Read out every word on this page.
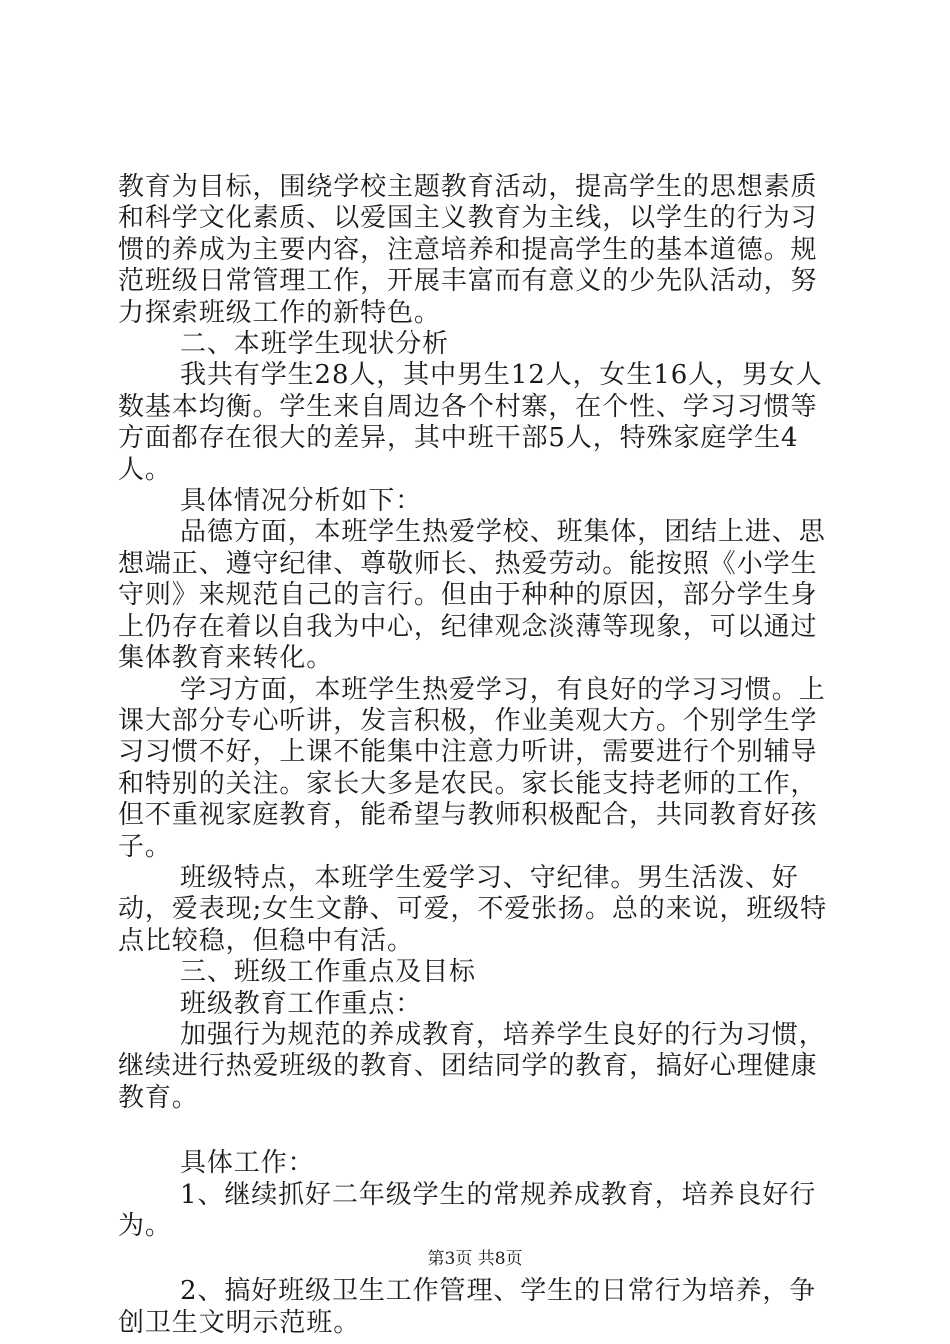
教育为目标，围绕学校主题教育活动，提高学生的思想素质和科学文化素质、以爱国主义教育为主线，以学生的行为习惯的养成为主要内容，注意培养和提高学生的基本道德。规范班级日常管理工作，开展丰富而有意义的少先队活动，努力探索班级工作的新特色。

二、本班学生现状分析

我共有学生28人，其中男生12人，女生16人，男女人数基本均衡。学生来自周边各个村寨，在个性、学习习惯等方面都存在很大的差异，其中班干部5人，特殊家庭学生4人。

具体情况分析如下：

品德方面，本班学生热爱学校、班集体，团结上进、思想端正、遵守纪律、尊敬师长、热爱劳动。能按照《小学生守则》来规范自己的言行。但由于种种的原因，部分学生身上仍存在着以自我为中心，纪律观念淡薄等现象，可以通过集体教育来转化。

学习方面，本班学生热爱学习，有良好的学习习惯。上课大部分专心听讲，发言积极，作业美观大方。个别学生学习习惯不好，上课不能集中注意力听讲，需要进行个别辅导和特别的关注。家长大多是农民。家长能支持老师的工作，但不重视家庭教育，能希望与教师积极配合，共同教育好孩子。

班级特点，本班学生爱学习、守纪律。男生活泼、好动，爱表现;女生文静、可爱，不爱张扬。总的来说，班级特点比较稳，但稳中有活。

三、班级工作重点及目标

班级教育工作重点：

加强行为规范的养成教育，培养学生良好的行为习惯，继续进行热爱班级的教育、团结同学的教育，搞好心理健康教育。

具体工作：

1、继续抓好二年级学生的常规养成教育，培养良好行为。

2、搞好班级卫生工作管理、学生的日常行为培养，争创卫生文明示范班。

第3页 共8页
